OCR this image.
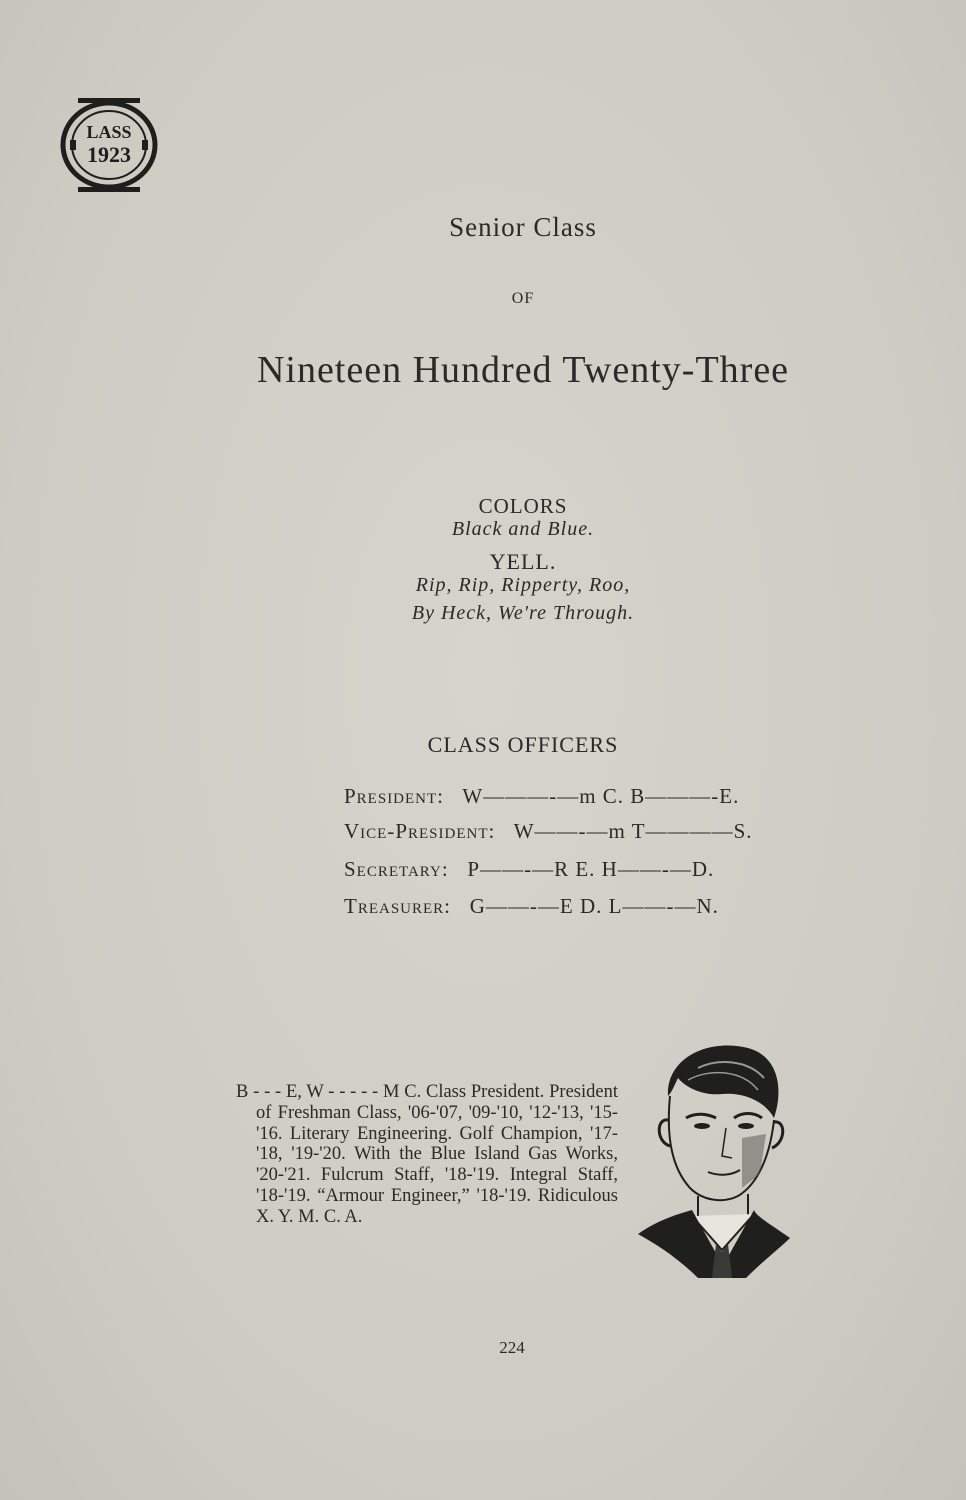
LASS
1923
Senior Class
OF
Nineteen Hundred Twenty-Three
COLORS
Black and Blue.
YELL.
Rip, Rip, Ripperty, Roo,
By Heck, We're Through.
CLASS OFFICERS
President: W———-—m C. B———-E.
Vice-President: W——-—m T————S.
Secretary: P——-—R E. H——-—D.
Treasurer: G——-—E D. L——-—N.
B - - - E, W - - - - - M C. Class President. President of Freshman Class, '06-'07, '09-'10, '12-'13, '15-'16. Literary Engineering. Golf Champion, '17-'18, '19-'20. With the Blue Island Gas Works, '20-'21. Fulcrum Staff, '18-'19. Integral Staff, '18-'19. “Armour Engineer,” '18-'19. Ridiculous X. Y. M. C. A.
224
